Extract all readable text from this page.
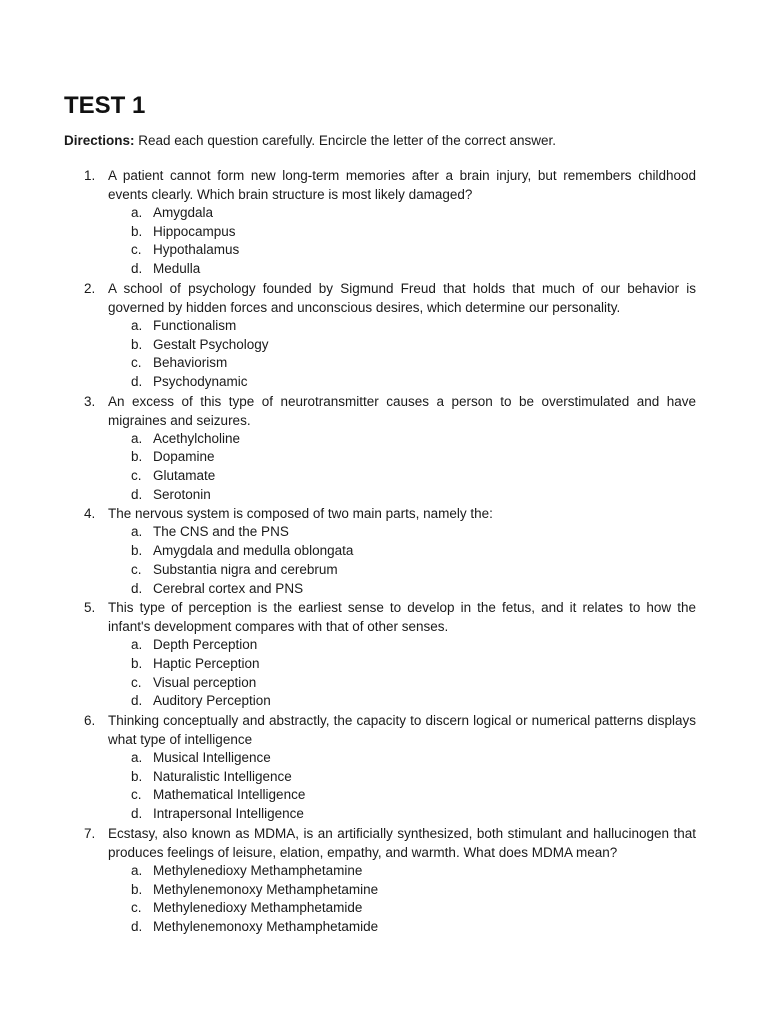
TEST 1

Directions: Read each question carefully. Encircle the letter of the correct answer.

1. A patient cannot form new long-term memories after a brain injury, but remembers childhood events clearly. Which brain structure is most likely damaged?
a. Amygdala
b. Hippocampus
c. Hypothalamus
d. Medulla
2. A school of psychology founded by Sigmund Freud that holds that much of our behavior is governed by hidden forces and unconscious desires, which determine our personality.
a. Functionalism
b. Gestalt Psychology
c. Behaviorism
d. Psychodynamic
3. An excess of this type of neurotransmitter causes a person to be overstimulated and have migraines and seizures.
a. Acethylcholine
b. Dopamine
c. Glutamate
d. Serotonin
4. The nervous system is composed of two main parts, namely the:
a. The CNS and the PNS
b. Amygdala and medulla oblongata
c. Substantia nigra and cerebrum
d. Cerebral cortex and PNS
5. This type of perception is the earliest sense to develop in the fetus, and it relates to how the infant's development compares with that of other senses.
a. Depth Perception
b. Haptic Perception
c. Visual perception
d. Auditory Perception
6. Thinking conceptually and abstractly, the capacity to discern logical or numerical patterns displays what type of intelligence
a. Musical Intelligence
b. Naturalistic Intelligence
c. Mathematical Intelligence
d. Intrapersonal Intelligence
7. Ecstasy, also known as MDMA, is an artificially synthesized, both stimulant and hallucinogen that produces feelings of leisure, elation, empathy, and warmth. What does MDMA mean?
a. Methylenedioxy Methamphetamine
b. Methylenemonoxy Methamphetamine
c. Methylenedioxy Methamphetamide
d. Methylenemonoxy Methamphetamide
